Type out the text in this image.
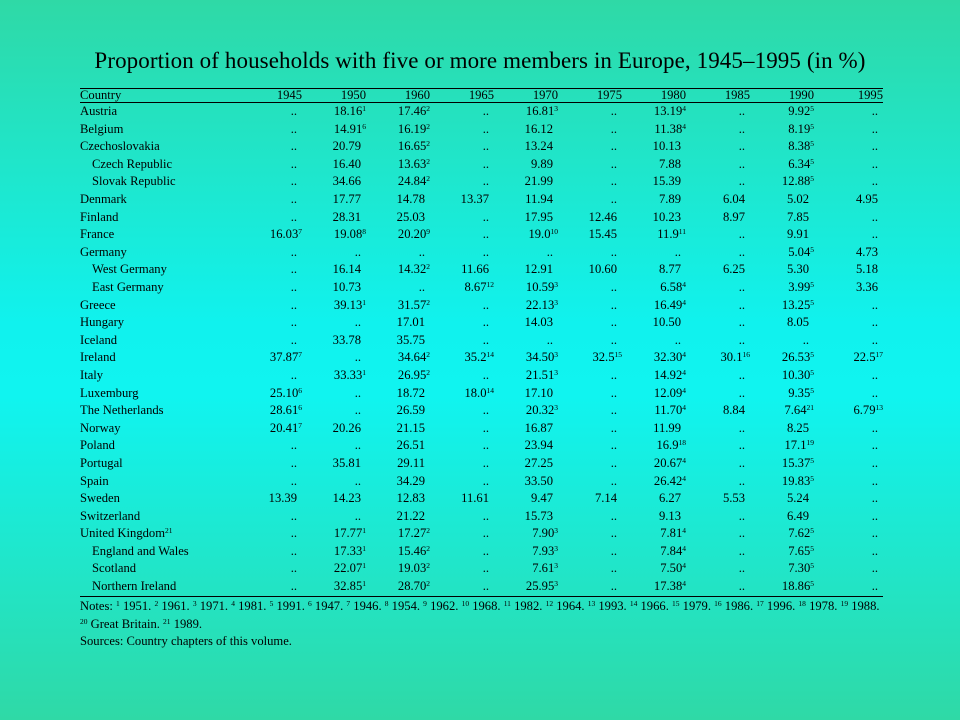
Proportion of households with five or more members in Europe, 1945–1995 (in %)
Country	1945	1950	1960	1965	1970	1975	1980	1985	1990	1995
Austria	..	18.16$^1$	17.46$^2$	..	16.81$^3$	..	13.19$^4$	..	9.92$^5$	..
Belgium	..	14.91$^6$	16.19$^2$	..	16.12	..	11.38$^4$	..	8.19$^5$	..
Czechoslovakia	..	20.79	16.65$^2$	..	13.24	..	10.13	..	8.38$^5$	..
Czech Republic	..	16.40	13.63$^2$	..	9.89	..	7.88	..	6.34$^5$	..
Slovak Republic	..	34.66	24.84$^2$	..	21.99	..	15.39	..	12.88$^5$	..
Denmark	..	17.77	14.78	13.37	11.94	..	7.89	6.04	5.02	4.95
Finland	..	28.31	25.03	..	17.95	12.46	10.23	8.97	7.85	..
France	16.03$^7$	19.08$^8$	20.20$^9$	..	19.0$^{10}$	15.45	11.9$^{11}$	..	9.91	..
Germany	..	..	..	..	..	..	..	..	5.04$^5$	4.73
West Germany	..	16.14	14.32$^2$	11.66	12.91	10.60	8.77	6.25	5.30	5.18
East Germany	..	10.73	..	8.67$^{12}$	10.59$^3$	..	6.58$^4$	..	3.99$^5$	3.36
Greece	..	39.13$^1$	31.57$^2$	..	22.13$^3$	..	16.49$^4$	..	13.25$^5$	..
Hungary	..	..	17.01	..	14.03	..	10.50	..	8.05	..
Iceland	..	33.78	35.75	..	..	..	..	..	..	..
Ireland	37.87$^7$	..	34.64$^2$	35.2$^{14}$	34.50$^3$	32.5$^{15}$	32.30$^4$	30.1$^{16}$	26.53$^5$	22.5$^{17}$
Italy	..	33.33$^1$	26.95$^2$	..	21.51$^3$	..	14.92$^4$	..	10.30$^5$	..
Luxemburg	25.10$^6$	..	18.72	18.0$^{14}$	17.10	..	12.09$^4$	..	9.35$^5$	..
The Netherlands	28.61$^6$	..	26.59	..	20.32$^3$	..	11.70$^4$	8.84	7.64$^{21}$	6.79$^{13}$
Norway	20.41$^7$	20.26	21.15	..	16.87	..	11.99	..	8.25	..
Poland	..	..	26.51	..	23.94	..	16.9$^{18}$	..	17.1$^{19}$	..
Portugal	..	35.81	29.11	..	27.25	..	20.67$^4$	..	15.37$^5$	..
Spain	..	..	34.29	..	33.50	..	26.42$^4$	..	19.83$^5$	..
Sweden	13.39	14.23	12.83	11.61	9.47	7.14	6.27	5.53	5.24	..
Switzerland	..	..	21.22	..	15.73	..	9.13	..	6.49	..
United Kingdom$^{21}$	..	17.77$^1$	17.27$^2$	..	7.90$^3$	..	7.81$^4$	..	7.62$^5$	..
England and Wales	..	17.33$^1$	15.46$^2$	..	7.93$^3$	..	7.84$^4$	..	7.65$^5$	..
Scotland	..	22.07$^1$	19.03$^2$	..	7.61$^3$	..	7.50$^4$	..	7.30$^5$	..
Northern Ireland	..	32.85$^1$	28.70$^2$	..	25.95$^3$	..	17.38$^4$	..	18.86$^5$	..

Notes: $^1$ 1951. $^2$ 1961. $^3$ 1971. $^4$ 1981. $^5$ 1991. $^6$ 1947. $^7$ 1946. $^8$ 1954. $^9$ 1962. $^{10}$ 1968. $^{11}$ 1982. $^{12}$ 1964. $^{13}$ 1993. $^{14}$ 1966. $^{15}$ 1979. $^{16}$ 1986. $^{17}$ 1996. $^{18}$ 1978. $^{19}$ 1988. $^{20}$ Great Britain. $^{21}$ 1989.

Sources: Country chapters of this volume.
